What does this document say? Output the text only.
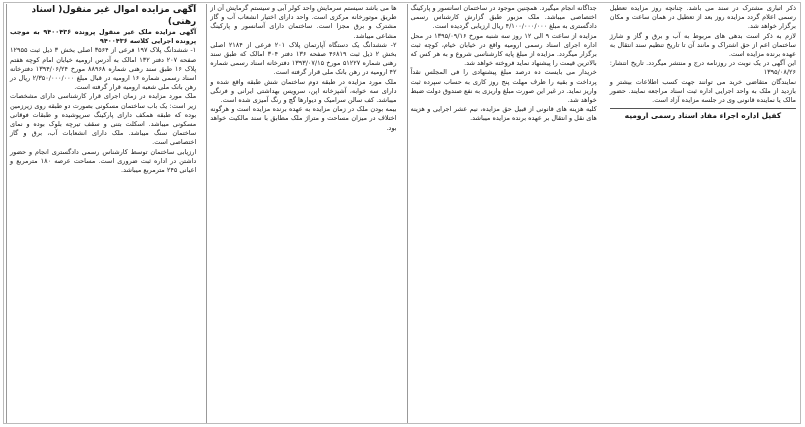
آگهی مزایده اموال غیر منقول( اسناد رهنی)

آگهی مزایده ملک غیر منقول پرونده ۹۴۰۰۴۳۶ به موجب پرونده اجرایی کلاسه ۹۴۰۰۴۳۶

۱- ششدانگ پلاک ۱۹۷ فرعی از ۳۵۶۴ اصلی بخش ۳ ذیل ثبت ۱۲۹۵۵ صفحه ۲۰۷ دفتر ۱۳۲ امالک به آدرس ارومیه خیابان امام کوچه هفتم پلاک ۱۶ طبق سند رهنی شماره ۸۸۹۶۸ مورخ ۱۳۹۴/۰۶/۲۴ دفترخانه اسناد رسمی شماره ۱۶ ارومیه در قبال مبلغ ۲/۳۵۰/۰۰۰/۰۰۰ ریال در رهن بانک ملی شعبه ارومیه قرار گرفته است.

ملک مورد مزایده در زمان اجرای قرار کارشناسی دارای مشخصات زیر است: یک باب ساختمان مسکونی بصورت دو طبقه روی زیرزمین بوده که طبقه همکف دارای پارکینگ سرپوشیده و طبقات فوقانی مسکونی میباشد. اسکلت بتنی و سقف تیرچه بلوک بوده و نمای ساختمان سنگ میباشد. ملک دارای انشعابات آب، برق و گاز اختصاصی است.

ارزیابی ساختمان توسط کارشناس رسمی دادگستری انجام و حضور داشتن در اداره ثبت ضروری است. مساحت عرصه ۱۸۰ مترمربع و اعیانی ۲۴۵ مترمربع میباشد.

ها می باشد سیستم سرمایش واحد کولر آبی و سیستم گرمایش آن از طریق موتورخانه مرکزی است. واحد دارای اختیار انشعاب آب و گاز مشترک و برق مجزا است. ساختمان دارای آسانسور و پارکینگ مشاعی میباشد.

۲- ششدانگ یک دستگاه آپارتمان پلاک ۲۰۱ فرعی از ۲۱۸۴ اصلی بخش ۲ ذیل ثبت ۴۶۸۱۹ صفحه ۱۳۶ دفتر ۳۰۴ امالک که طبق سند رهنی شماره ۵۱۲۲۷ مورخ ۱۳۹۳/۰۷/۱۵ دفترخانه اسناد رسمی شماره ۴۲ ارومیه در رهن بانک ملی قرار گرفته است.

ملک مورد مزایده در طبقه دوم ساختمان شش طبقه واقع شده و دارای سه خوابه، آشپزخانه اپن، سرویس بهداشتی ایرانی و فرنگی میباشد. کف سالن سرامیک و دیوارها گچ و رنگ آمیزی شده است.

بیمه بودن ملک در زمان مزایده به عهده برنده مزایده است و هرگونه اختلاف در میزان مساحت و متراژ ملک مطابق با سند مالکیت خواهد بود.

جداگانه انجام میگیرد. همچنین موجود در ساختمان اسانسور و پارکینگ اختصاصی میباشد. ملک مزبور طبق گزارش کارشناس رسمی دادگستری به مبلغ ۴/۱۰۰/۰۰۰/۰۰۰ ریال ارزیابی گردیده است.

مزایده از ساعت ۹ الی ۱۲ روز سه شنبه مورخ ۱۳۹۵/۰۹/۱۶ در محل اداره اجرای اسناد رسمی ارومیه واقع در خیابان خیام، کوچه ثبت برگزار میگردد. مزایده از مبلغ پایه کارشناسی شروع و به هر کس که بالاترین قیمت را پیشنهاد نماید فروخته خواهد شد.

خریدار می بایست ده درصد مبلغ پیشنهادی را فی المجلس نقداً پرداخت و بقیه را ظرف مهلت پنج روز کاری به حساب سپرده ثبت واریز نماید. در غیر این صورت مبلغ واریزی به نفع صندوق دولت ضبط خواهد شد.

کلیه هزینه های قانونی از قبیل حق مزایده، نیم عشر اجرایی و هزینه های نقل و انتقال بر عهده برنده مزایده میباشد.

ذکر اتباری مشترک در سند می باشد. چنانچه روز مزایده تعطیل رسمی اعلام گردد مزایده روز بعد از تعطیل در همان ساعت و مکان برگزار خواهد شد.

لازم به ذکر است بدهی های مربوط به آب و برق و گاز و شارژ ساختمان اعم از حق اشتراک و مانند آن تا تاریخ تنظیم سند انتقال به عهده برنده مزایده است.

این آگهی در یک نوبت در روزنامه درج و منتشر میگردد. تاریخ انتشار: ۱۳۹۵/۰۸/۲۶

نمایندگان متقاضی خرید می توانند جهت کسب اطلاعات بیشتر و بازدید از ملک به واحد اجرایی اداره ثبت اسناد مراجعه نمایند. حضور مالک یا نماینده قانونی وی در جلسه مزایده آزاد است.

کفیل اداره اجراء مفاد اسناد رسمی ارومیه
